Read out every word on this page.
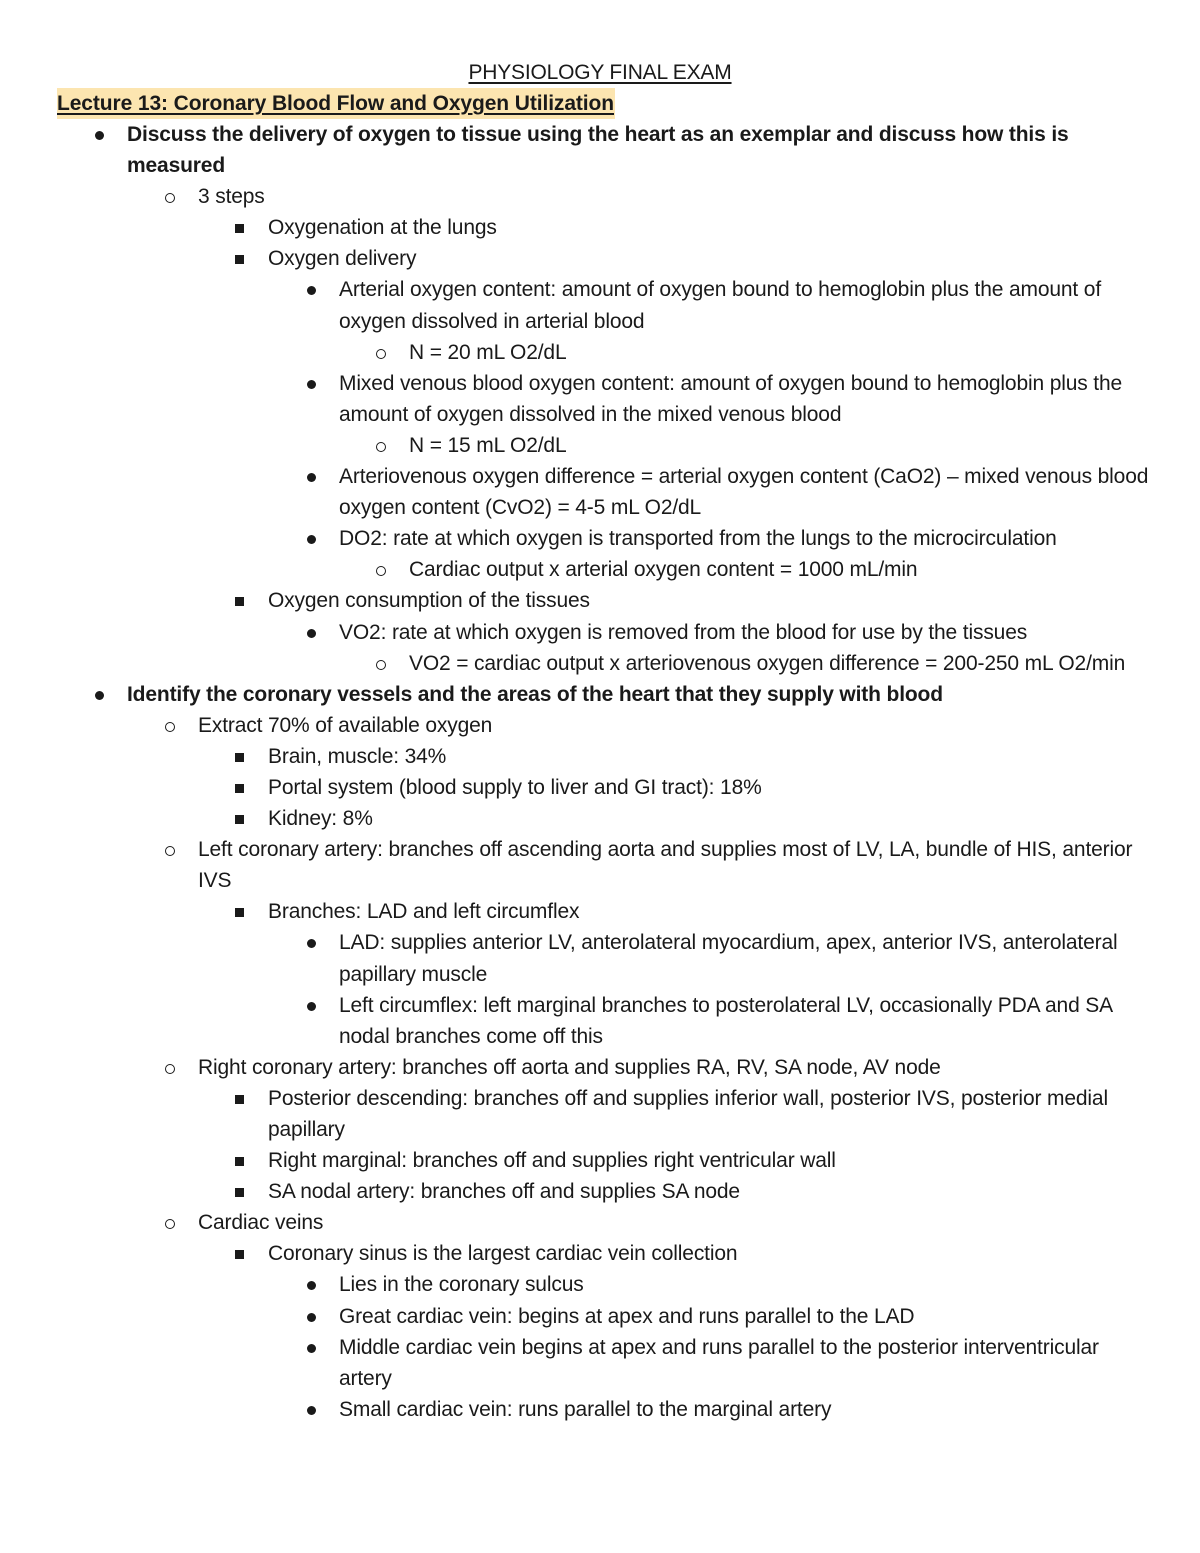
PHYSIOLOGY FINAL EXAM
Lecture 13: Coronary Blood Flow and Oxygen Utilization
Discuss the delivery of oxygen to tissue using the heart as an exemplar and discuss how this is measured
3 steps
Oxygenation at the lungs
Oxygen delivery
Arterial oxygen content: amount of oxygen bound to hemoglobin plus the amount of oxygen dissolved in arterial blood
N = 20 mL O2/dL
Mixed venous blood oxygen content: amount of oxygen bound to hemoglobin plus the amount of oxygen dissolved in the mixed venous blood
N = 15 mL O2/dL
Arteriovenous oxygen difference = arterial oxygen content (CaO2) – mixed venous blood oxygen content (CvO2) = 4-5 mL O2/dL
DO2: rate at which oxygen is transported from the lungs to the microcirculation
Cardiac output x arterial oxygen content = 1000 mL/min
Oxygen consumption of the tissues
VO2: rate at which oxygen is removed from the blood for use by the tissues
VO2 = cardiac output x arteriovenous oxygen difference = 200-250 mL O2/min
Identify the coronary vessels and the areas of the heart that they supply with blood
Extract 70% of available oxygen
Brain, muscle: 34%
Portal system (blood supply to liver and GI tract): 18%
Kidney: 8%
Left coronary artery: branches off ascending aorta and supplies most of LV, LA, bundle of HIS, anterior IVS
Branches: LAD and left circumflex
LAD: supplies anterior LV, anterolateral myocardium, apex, anterior IVS, anterolateral papillary muscle
Left circumflex: left marginal branches to posterolateral LV, occasionally PDA and SA nodal branches come off this
Right coronary artery: branches off aorta and supplies RA, RV, SA node, AV node
Posterior descending: branches off and supplies inferior wall, posterior IVS, posterior medial papillary
Right marginal: branches off and supplies right ventricular wall
SA nodal artery: branches off and supplies SA node
Cardiac veins
Coronary sinus is the largest cardiac vein collection
Lies in the coronary sulcus
Great cardiac vein: begins at apex and runs parallel to the LAD
Middle cardiac vein begins at apex and runs parallel to the posterior interventricular artery
Small cardiac vein: runs parallel to the marginal artery
